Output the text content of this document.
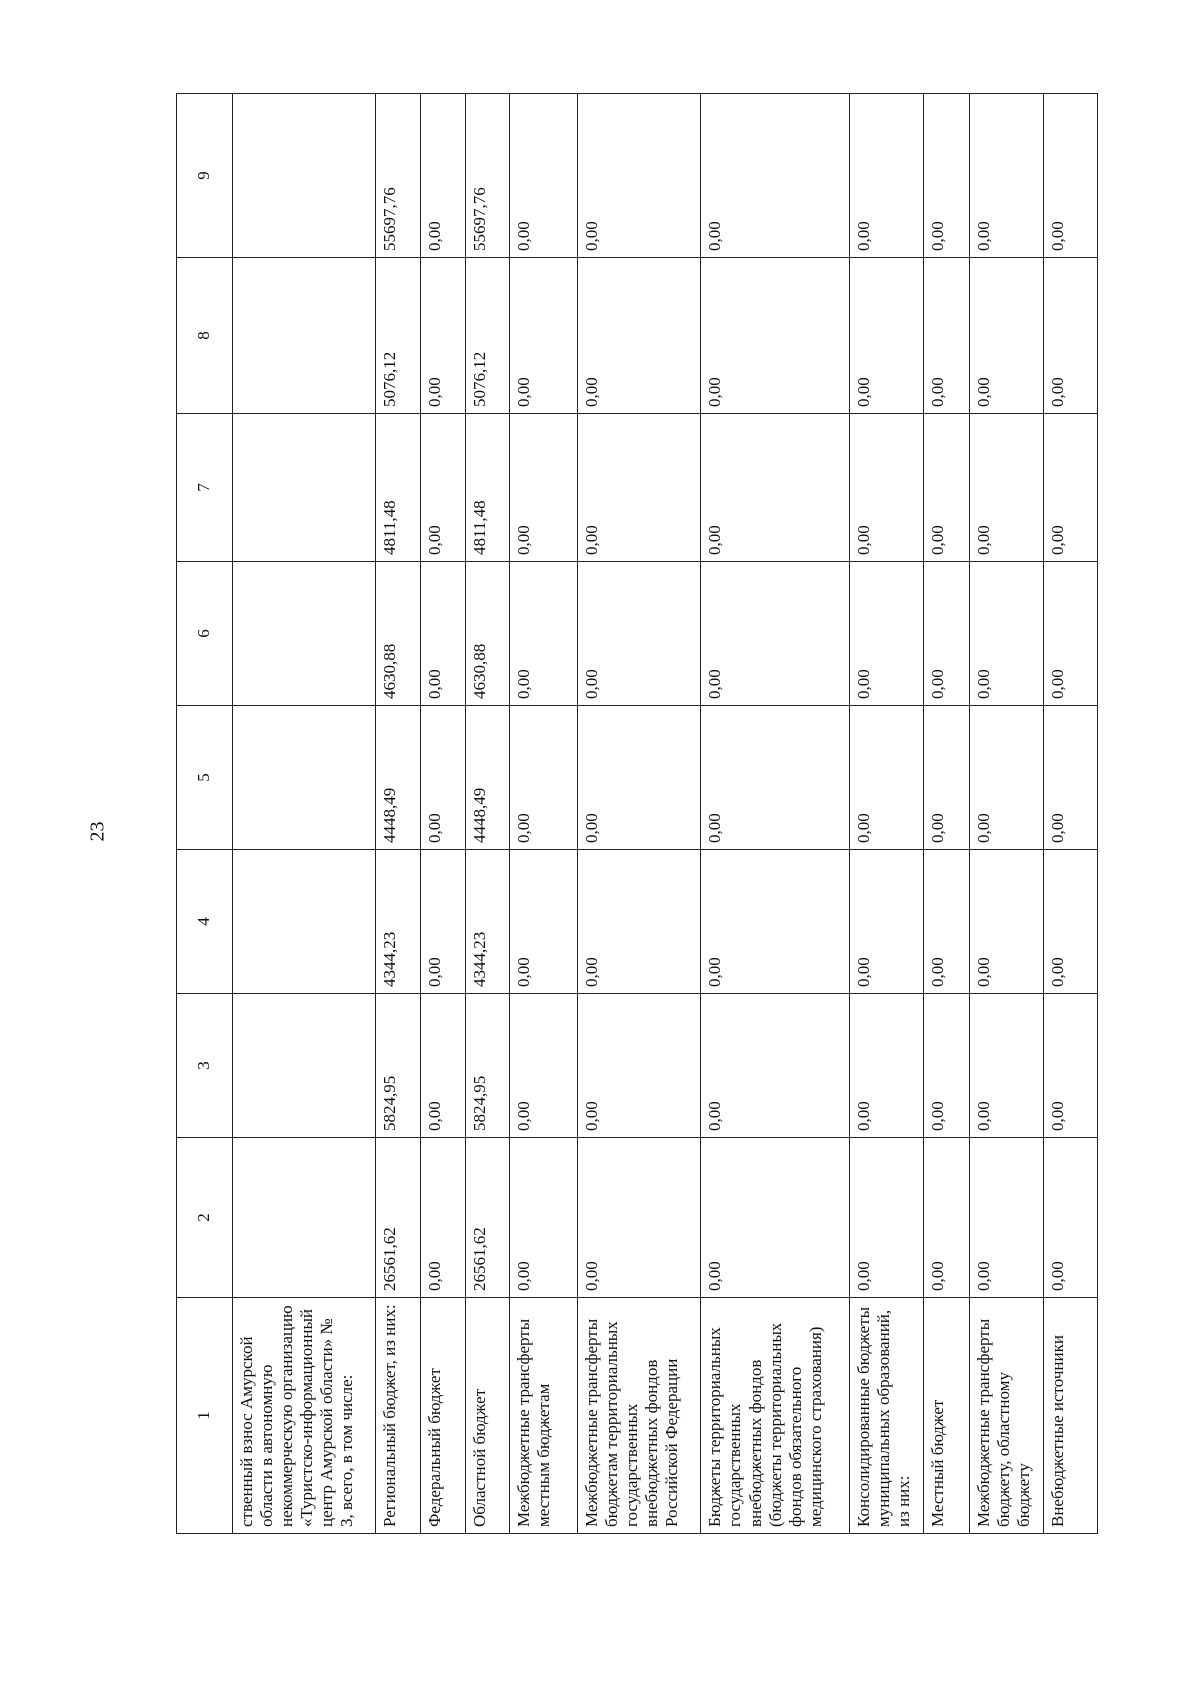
23
1	2	3	4	5	6	7	8	9
ственный взнос Амурской области в автономную некоммерческую организацию «Туристско-информационный центр Амурской области» № 3, всего, в том числе:								
Региональный бюджет, из них:	26561,62	5824,95	4344,23	4448,49	4630,88	4811,48	5076,12	55697,76
Федеральный бюджет	0,00	0,00	0,00	0,00	0,00	0,00	0,00	0,00
Областной бюджет	26561,62	5824,95	4344,23	4448,49	4630,88	4811,48	5076,12	55697,76
Межбюджетные трансферты местным бюджетам	0,00	0,00	0,00	0,00	0,00	0,00	0,00	0,00
Межбюджетные трансферты бюджетам территориальных государственных внебюджетных фондов Российской Федерации	0,00	0,00	0,00	0,00	0,00	0,00	0,00	0,00
Бюджеты территориальных государственных внебюджетных фондов (бюджеты территориальных фондов обязательного медицинского страхования)	0,00	0,00	0,00	0,00	0,00	0,00	0,00	0,00
Консолидированные бюджеты муниципальных образований, из них:	0,00	0,00	0,00	0,00	0,00	0,00	0,00	0,00
Местный бюджет	0,00	0,00	0,00	0,00	0,00	0,00	0,00	0,00
Межбюджетные трансферты бюджету, областному бюджету	0,00	0,00	0,00	0,00	0,00	0,00	0,00	0,00
Внебюджетные источники	0,00	0,00	0,00	0,00	0,00	0,00	0,00	0,00
